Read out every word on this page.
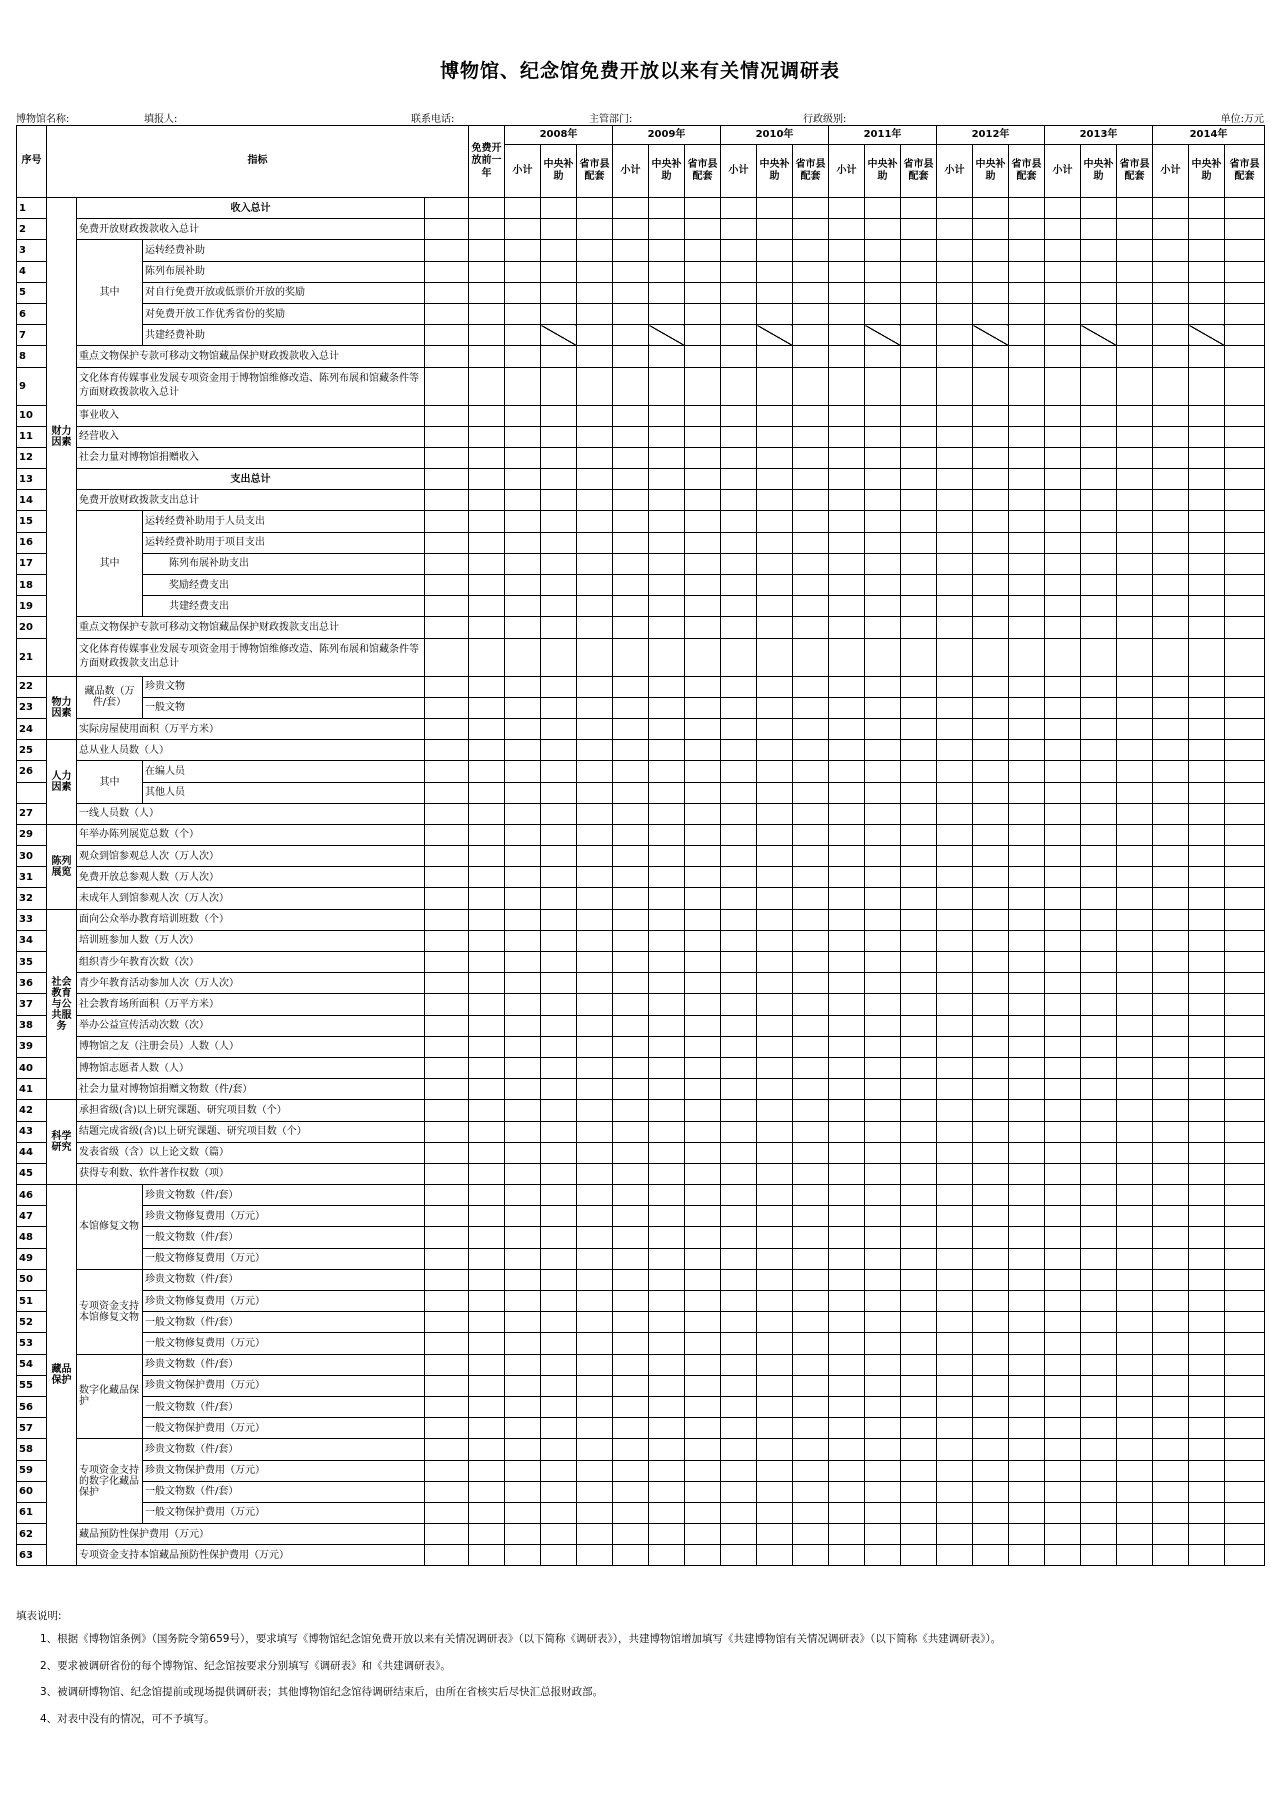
博物馆、纪念馆免费开放以来有关情况调研表
博物馆名称:	填报人:	联系电话:	主管部门:	行政级别:	单位:万元
序号	指标				免费开放前一年	2008年			2009年			2010年			2011年			2012年			2013年			2014年	
						小计	中央补助	省市县配套	小计	中央补助	省市县配套	小计	中央补助	省市县配套	小计	中央补助	省市县配套	小计	中央补助	省市县配套	小计	中央补助	省市县配套	小计	中央补助	省市县配套	
1	财力因素	收入总计																									
2		免费开放财政拨款收入总计																									
3		其中	运转经费补助																								
4			陈列布展补助																								
5			对自行免费开放或低票价开放的奖励																								
6			对免费开放工作优秀省份的奖励																								
7			共建经费补助																								
8		重点文物保护专款可移动文物馆藏品保护财政拨款收入总计																									
9		文化体育传媒事业发展专项资金用于博物馆维修改造、陈列布展和馆藏条件等方面财政拨款收入总计																									
10		事业收入																									
11		经营收入																									
12		社会力量对博物馆捐赠收入																									
13		支出总计																									
14		免费开放财政拨款支出总计																									
15		其中	运转经费补助用于人员支出																								
16			运转经费补助用于项目支出																								
17			陈列布展补助支出																								
18			奖励经费支出																								
19			共建经费支出																								
20		重点文物保护专款可移动文物馆藏品保护财政拨款支出总计																									
21		文化体育传媒事业发展专项资金用于博物馆维修改造、陈列布展和馆藏条件等方面财政拨款支出总计																									
22	物力因素	藏品数（万件/套）	珍贵文物																								
23			一般文物																								
24		实际房屋使用面积（万平方米）																									
25	人力因素	总从业人员数（人）																									
26		其中	在编人员																								
			其他人员																								
27		一线人员数（人）																									
29	陈列展览	年举办陈列展览总数（个）																									
30		观众到馆参观总人次（万人次）																									
31		免费开放总参观人数（万人次）																									
32		未成年人到馆参观人次（万人次）																									
33	社会教育与公共服务	面向公众举办教育培训班数（个）																									
34		培训班参加人数（万人次）																									
35		组织青少年教育次数（次）																									
36		青少年教育活动参加人次（万人次）																									
37		社会教育场所面积（万平方米）																									
38		举办公益宣传活动次数（次）																									
39		博物馆之友（注册会员）人数（人）																									
40		博物馆志愿者人数（人）																									
41		社会力量对博物馆捐赠文物数（件/套）																									
42	科学研究	承担省级(含)以上研究课题、研究项目数（个）																									
43		结题完成省级(含)以上研究课题、研究项目数（个）																									
44		发表省级（含）以上论文数（篇）																									
45		获得专利数、软件著作权数（项）																									
46	藏品保护	本馆修复文物	珍贵文物数（件/套）																								
47			珍贵文物修复费用（万元）																								
48			一般文物数（件/套）																								
49			一般文物修复费用（万元）																								
50		专项资金支持本馆修复文物	珍贵文物数（件/套）																								
51			珍贵文物修复费用（万元）																								
52			一般文物数（件/套）																								
53			一般文物修复费用（万元）																								
54		数字化藏品保护	珍贵文物数（件/套）																								
55			珍贵文物保护费用（万元）																								
56			一般文物数（件/套）																								
57			一般文物保护费用（万元）																								
58		专项资金支持的数字化藏品保护	珍贵文物数（件/套）																								
59			珍贵文物保护费用（万元）																								
60			一般文物数（件/套）																								
61			一般文物保护费用（万元）																								
62		藏品预防性保护费用（万元）																									
63		专项资金支持本馆藏品预防性保护费用（万元）																									
填表说明:
1、根据《博物馆条例》（国务院令第659号），要求填写《博物馆纪念馆免费开放以来有关情况调研表》（以下简称《调研表》），共建博物馆增加填写《共建博物馆有关情况调研表》（以下简称《共建调研表》）。
2、要求被调研省份的每个博物馆、纪念馆按要求分别填写《调研表》和《共建调研表》。
3、被调研博物馆、纪念馆提前或现场提供调研表；其他博物馆纪念馆待调研结束后，由所在省核实后尽快汇总报财政部。
4、对表中没有的情况，可不予填写。
